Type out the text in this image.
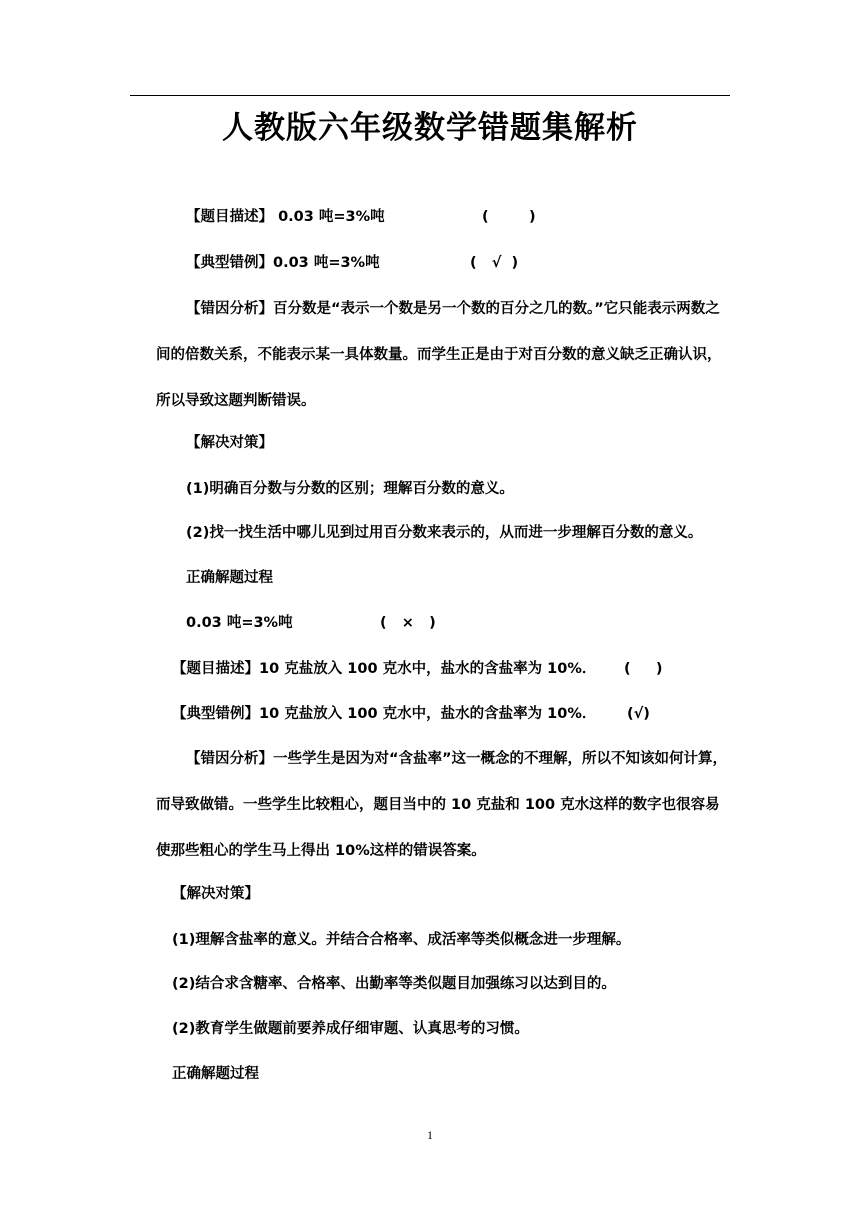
人教版六年级数学错题集解析
【题目描述】 0.03 吨=3%吨	(        )
【典型错例】0.03 吨=3%吨	(   √  )
【错因分析】百分数是“表示一个数是另一个数的百分之几的数。”它只能表示两数之间的倍数关系，不能表示某一具体数量。而学生正是由于对百分数的意义缺乏正确认识，所以导致这题判断错误。
【解决对策】
(1)明确百分数与分数的区别；理解百分数的意义。
(2)找一找生活中哪儿见到过用百分数来表示的，从而进一步理解百分数的意义。
正确解题过程
0.03 吨=3%吨	(   ×   )
【题目描述】10 克盐放入 100 克水中，盐水的含盐率为 10%． (     )
【典型错例】10 克盐放入 100 克水中，盐水的含盐率为 10%． (√)
【错因分析】一些学生是因为对“含盐率”这一概念的不理解，所以不知该如何计算，而导致做错。一些学生比较粗心，题目当中的 10 克盐和 100 克水这样的数字也很容易使那些粗心的学生马上得出 10%这样的错误答案。
【解决对策】
(1)理解含盐率的意义。并结合合格率、成活率等类似概念进一步理解。
(2)结合求含糖率、合格率、出勤率等类似题目加强练习以达到目的。
(2)教育学生做题前要养成仔细审题、认真思考的习惯。
正确解题过程
1
